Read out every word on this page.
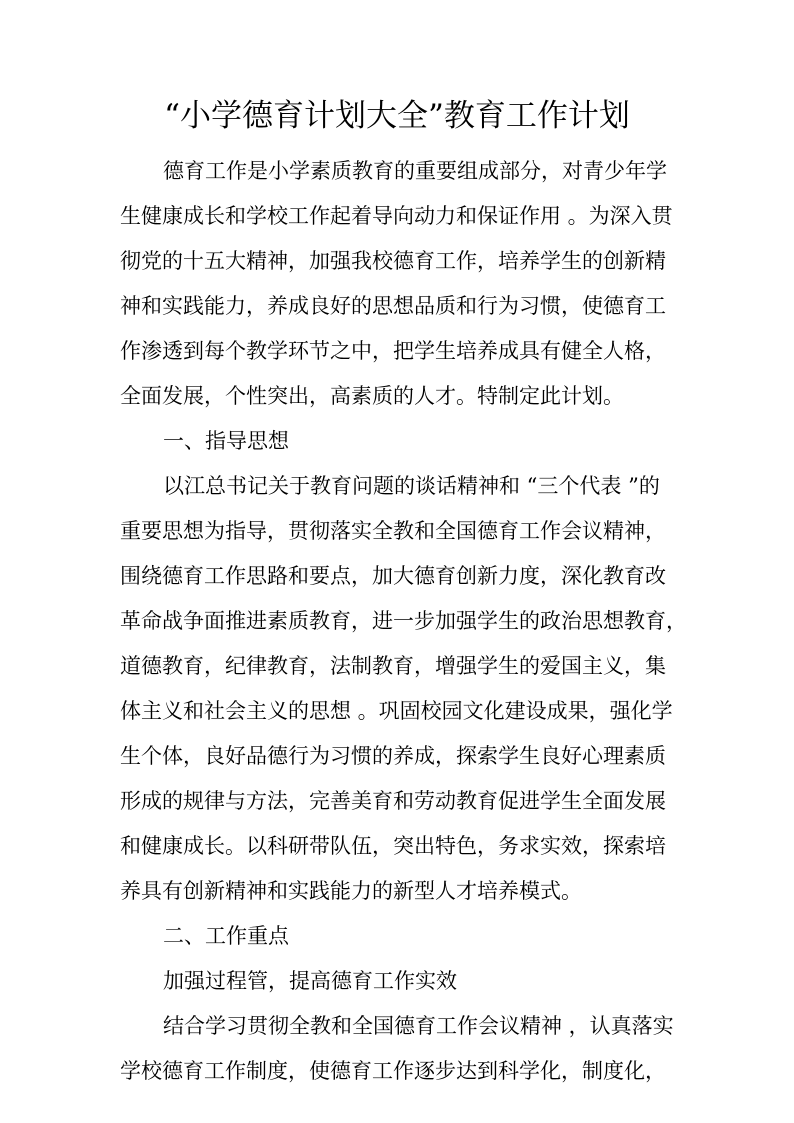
“小学德育计划大全”教育工作计划
德育工作是小学素质教育的重要组成部分，对青少年学
生健康成长和学校工作起着导向动力和保证作用 。为深入贯
彻党的十五大精神，加强我校德育工作，培养学生的创新精
神和实践能力，养成良好的思想品质和行为习惯，使德育工
作渗透到每个教学环节之中，把学生培养成具有健全人格，
全面发展，个性突出，高素质的人才。特制定此计划。
一、指导思想
以江总书记关于教育问题的谈话精神和 “三个代表 ”的
重要思想为指导，贯彻落实全教和全国德育工作会议精神，
围绕德育工作思路和要点，加大德育创新力度，深化教育改
革命战争面推进素质教育，进一步加强学生的政治思想教育，
道德教育，纪律教育，法制教育，增强学生的爱国主义，集
体主义和社会主义的思想 。巩固校园文化建设成果，强化学
生个体，良好品德行为习惯的养成，探索学生良好心理素质
形成的规律与方法，完善美育和劳动教育促进学生全面发展
和健康成长。以科研带队伍，突出特色，务求实效，探索培
养具有创新精神和实践能力的新型人才培养模式。
二、工作重点
加强过程管，提高德育工作实效
结合学习贯彻全教和全国德育工作会议精神 ，认真落实
学校德育工作制度，使德育工作逐步达到科学化，制度化，
